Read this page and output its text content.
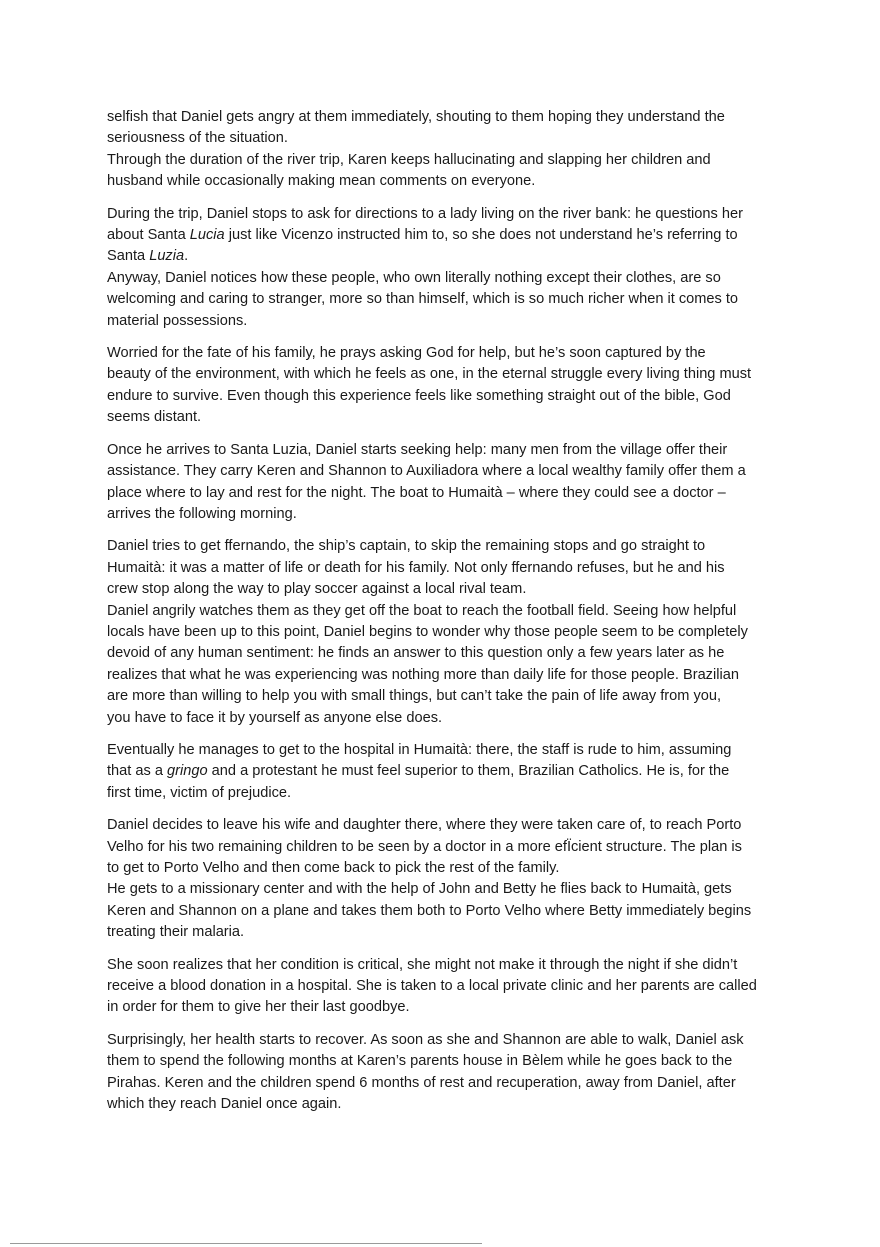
selfish that Daniel gets angry at them immediately, shouting to them hoping they understand the
seriousness of the situation.
Through the duration of the river trip, Karen keeps hallucinating and slapping her children and
husband while occasionally making mean comments on everyone.
During the trip, Daniel stops to ask for directions to a lady living on the river bank: he questions her
about Santa Lucia just like Vicenzo instructed him to, so she does not understand he’s referring to
Santa Luzia.
Anyway, Daniel notices how these people, who own literally nothing except their clothes, are so
welcoming and caring to stranger, more so than himself, which is so much richer when it comes to
material possessions.
Worried for the fate of his family, he prays asking God for help, but he’s soon captured by the
beauty of the environment, with which he feels as one, in the eternal struggle every living thing must
endure to survive. Even though this experience feels like something straight out of the bible, God
seems distant.
Once he arrives to Santa Luzia, Daniel starts seeking help: many men from the village offer their
assistance. They carry Keren and Shannon to Auxiliadora where a local wealthy family offer them a
place where to lay and rest for the night. The boat to Humaità – where they could see a doctor –
arrives the following morning.
Daniel tries to get ffernando, the ship’s captain, to skip the remaining stops and go straight to
Humaità: it was a matter of life or death for his family. Not only ffernando refuses, but he and his
crew stop along the way to play soccer against a local rival team.
Daniel angrily watches them as they get off the boat to reach the football field. Seeing how helpful
locals have been up to this point, Daniel begins to wonder why those people seem to be completely
devoid of any human sentiment: he finds an answer to this question only a few years later as he
realizes that what he was experiencing was nothing more than daily life for those people. Brazilian
are more than willing to help you with small things, but can’t take the pain of life away from you,
you have to face it by yourself as anyone else does.
Eventually he manages to get to the hospital in Humaità: there, the staff is rude to him, assuming
that as a gringo and a protestant he must feel superior to them, Brazilian Catholics. He is, for the
first time, victim of prejudice.
Daniel decides to leave his wife and daughter there, where they were taken care of, to reach Porto
Velho for his two remaining children to be seen by a doctor in a more efÏcient structure. The plan is
to get to Porto Velho and then come back to pick the rest of the family.
He gets to a missionary center and with the help of John and Betty he flies back to Humaità, gets
Keren and Shannon on a plane and takes them both to Porto Velho where Betty immediately begins
treating their malaria.
She soon realizes that her condition is critical, she might not make it through the night if she didn’t
receive a blood donation in a hospital. She is taken to a local private clinic and her parents are called
in order for them to give her their last goodbye.
Surprisingly, her health starts to recover. As soon as she and Shannon are able to walk, Daniel ask
them to spend the following months at Karen’s parents house in Bèlem while he goes back to the
Pirahas. Keren and the children spend 6 months of rest and recuperation, away from Daniel, after
which they reach Daniel once again.
